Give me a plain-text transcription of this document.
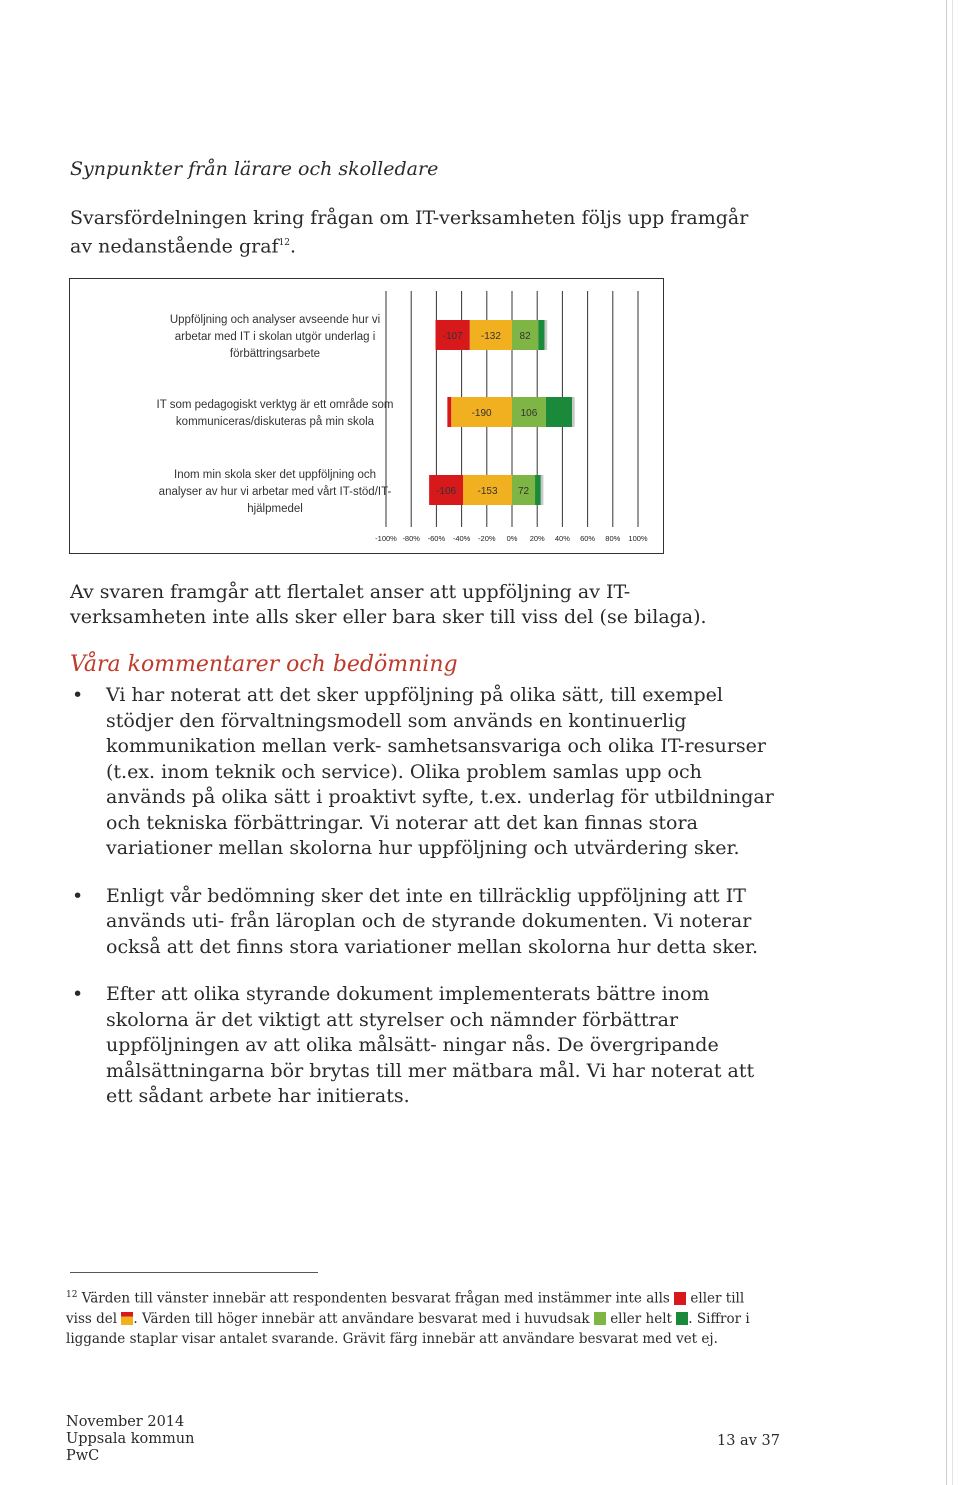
Synpunkter från lärare och skolledare
Svarsfördelningen kring frågan om IT-verksamheten följs upp framgår av nedanstående graf$^{12}$.
-100% -80% -60% -40% -20% 0% 20% 40% 60% 80% 100%
Uppföljning och analyser avseende hur vi arbetar med IT i skolan utgör underlag i förbättringsarbete
IT som pedagogiskt verktyg är ett område som kommuniceras/diskuteras på min skola
Inom min skola sker det uppföljning och analyser av hur vi arbetar med vårt IT-stöd/IT-hjälpmedel
-132
-107	82
-190	106
-153
-106	72
Av svaren framgår att flertalet anser att uppföljning av IT-verksamheten inte alls sker eller bara sker till viss del (se bilaga).
Våra kommentarer och bedömning
• Vi har noterat att det sker uppföljning på olika sätt, till exempel stödjer den förvaltningsmodell som används en kontinuerlig kommunikation mellan verk- samhetsansvariga och olika IT-resurser (t.ex. inom teknik och service). Olika problem samlas upp och används på olika sätt i proaktivt syfte, t.ex. underlag för utbildningar och tekniska förbättringar. Vi noterar att det kan finnas stora variationer mellan skolorna hur uppföljning och utvärdering sker.
• Enligt vår bedömning sker det inte en tillräcklig uppföljning att IT används uti- från läroplan och de styrande dokumenten. Vi noterar också att det finns stora variationer mellan skolorna hur detta sker.
• Efter att olika styrande dokument implementerats bättre inom skolorna är det viktigt att styrelser och nämnder förbättrar uppföljningen av att olika målsätt- ningar nås. De övergripande målsättningarna bör brytas till mer mätbara mål. Vi har noterat att ett sådant arbete har initierats.
$^{12}$ Värden till vänster innebär att respondenten besvarat frågan med instämmer inte alls eller till viss del . Värden till höger innebär att användare besvarat med i huvudsak eller helt . Siffror i liggande staplar visar antalet svarande. Grävit färg innebär att användare besvarat med vet ej.
November 2014
Uppsala kommun
PwC
13 av 37
